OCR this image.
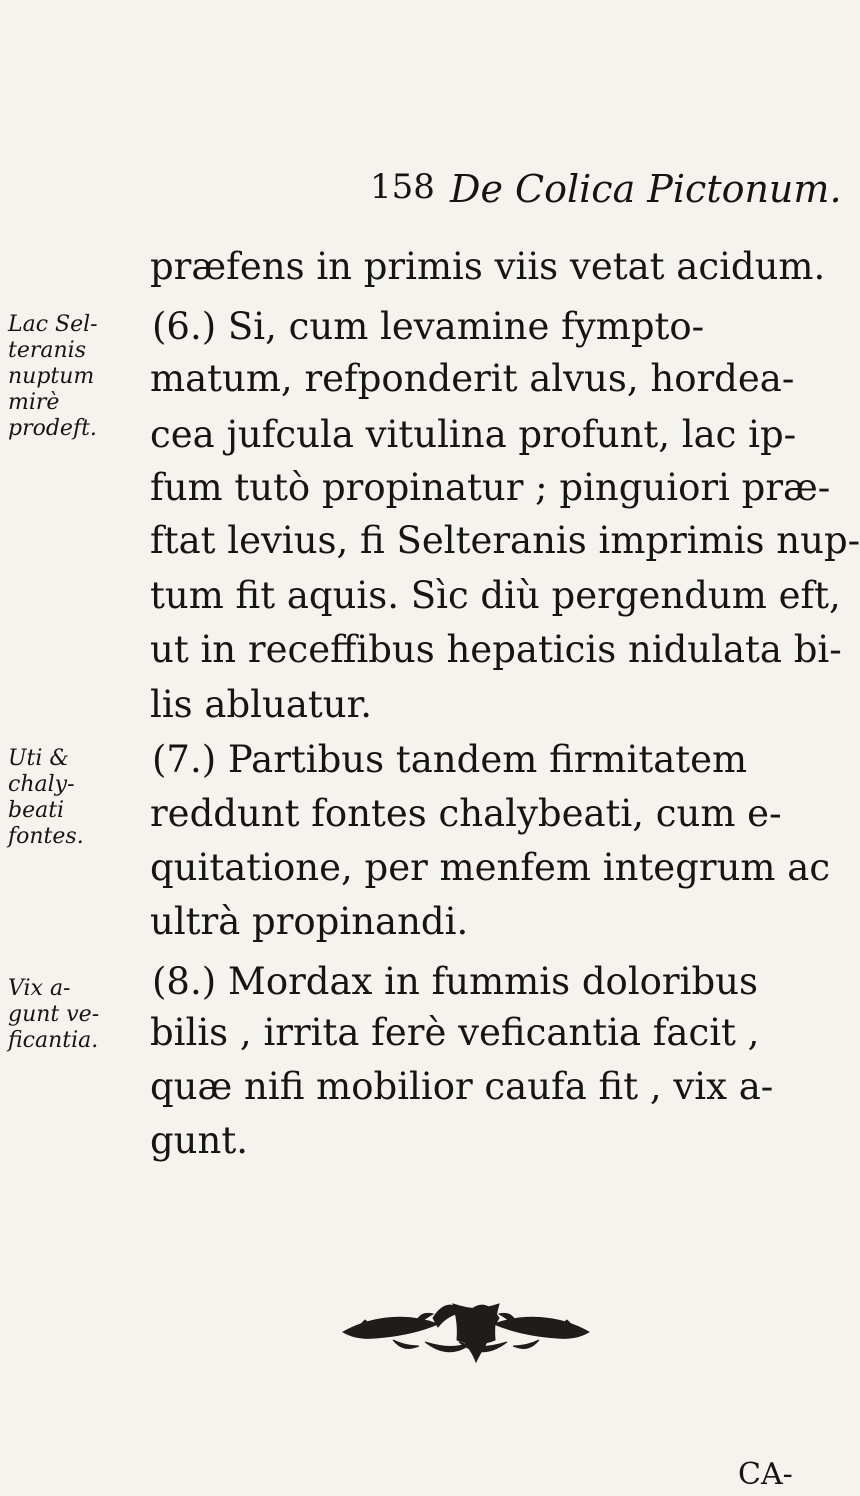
158 De Colica Pictonum.
præfens in primis viis vetat acidum.
(6.) Si, cum levamine fympto-
matum, refponderit alvus, hordea-
cea jufcula vitulina profunt, lac ip-
fum tutò propinatur ; pinguiori præ-
ftat levius, fi Selteranis imprimis nup-
tum fit aquis. Sìc diù pergendum eft,
ut in receffibus hepaticis nidulata bi-
lis abluatur.
(7.) Partibus tandem firmitatem
reddunt fontes chalybeati, cum e-
quitatione, per menfem integrum ac
ultrà propinandi.
(8.) Mordax in fummis doloribus
bilis , irrita ferè veficantia facit ,
quæ nifi mobilior caufa fit , vix a-
gunt.
Lac Sel-
teranis
nuptum
mirè
prodeft.
Uti &
chaly-
beati
fontes.
Vix a-
gunt ve-
ficantia.
CA-
